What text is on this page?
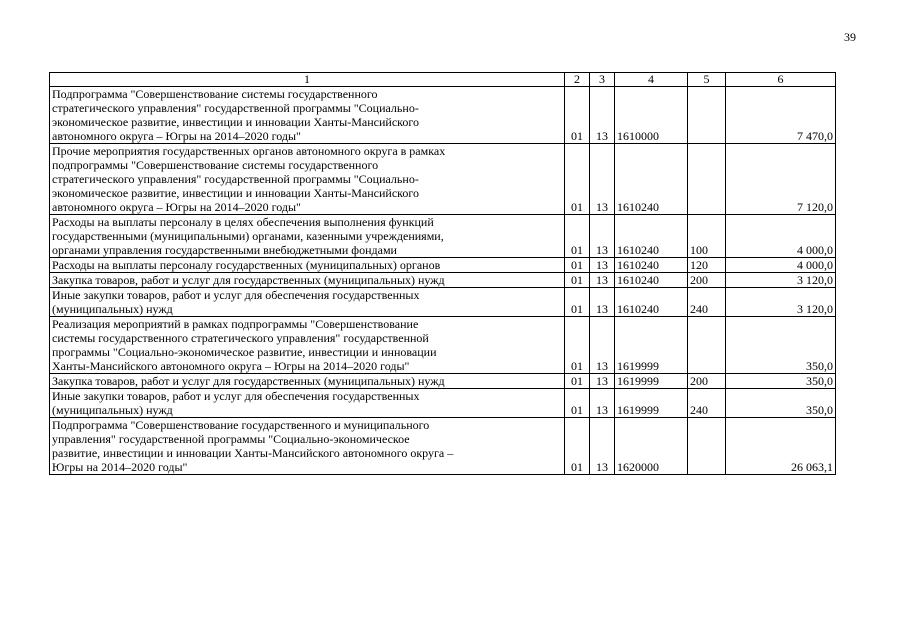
39
1	2	3	4	5	6
Подпрограмма "Совершенствование системы государственного
стратегического управления" государственной программы "Социально-
экономическое развитие, инвестиции и инновации Ханты-Мансийского
автономного округа – Югры на 2014–2020 годы"	01	13	1610000		7 470,0
Прочие мероприятия государственных органов автономного округа в рамках
подпрограммы "Совершенствование системы государственного
стратегического управления" государственной программы "Социально-
экономическое развитие, инвестиции и инновации Ханты-Мансийского
автономного округа – Югры на 2014–2020 годы"	01	13	1610240		7 120,0
Расходы на выплаты персоналу в целях обеспечения выполнения функций
государственными (муниципальными) органами, казенными учреждениями,
органами управления государственными внебюджетными фондами	01	13	1610240	100	4 000,0
Расходы на выплаты персоналу государственных (муниципальных) органов	01	13	1610240	120	4 000,0
Закупка товаров, работ и услуг для государственных (муниципальных) нужд	01	13	1610240	200	3 120,0
Иные закупки товаров, работ и услуг для обеспечения государственных
(муниципальных) нужд	01	13	1610240	240	3 120,0
Реализация мероприятий в рамках подпрограммы "Совершенствование
системы государственного стратегического управления" государственной
программы "Социально-экономическое развитие, инвестиции и инновации
Ханты-Мансийского автономного округа – Югры на 2014–2020 годы"	01	13	1619999		350,0
Закупка товаров, работ и услуг для государственных (муниципальных) нужд	01	13	1619999	200	350,0
Иные закупки товаров, работ и услуг для обеспечения государственных
(муниципальных) нужд	01	13	1619999	240	350,0
Подпрограмма "Совершенствование государственного и муниципального
управления" государственной программы "Социально-экономическое
развитие, инвестиции и инновации Ханты-Мансийского автономного округа –
Югры на 2014–2020 годы"	01	13	1620000		26 063,1
